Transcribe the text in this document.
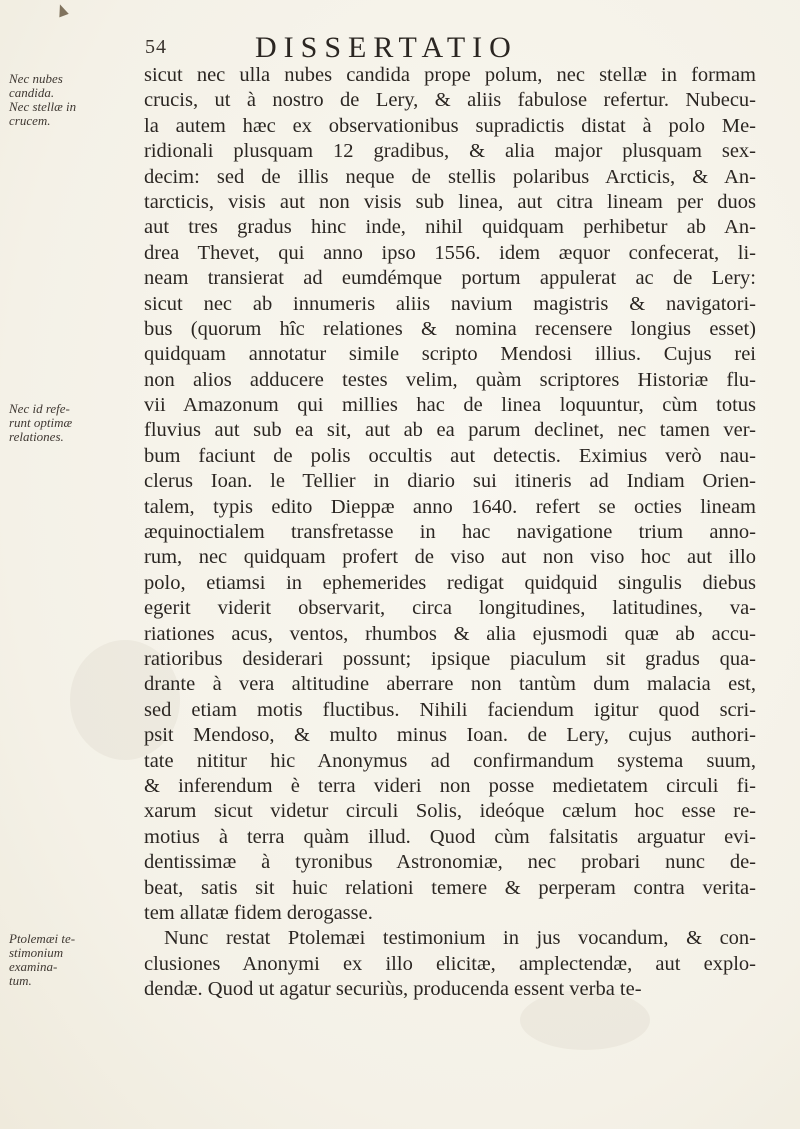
54	DISSERTATIO
Nec nubes
candida.
Nec stellæ in
crucem.
Nec id refe-
runt optimæ
relationes.
Ptolemæi te-
stimonium
examina-
tum.
sicut nec ulla nubes candida prope polum, nec stellæ in formam
crucis, ut à nostro de Lery, & aliis fabulose refertur. Nubecu-
la autem hæc ex observationibus supradictis distat à polo Me-
ridionali plusquam 12 gradibus, & alia major plusquam sex-
decim: sed de illis neque de stellis polaribus Arcticis, & An-
tarcticis, visis aut non visis sub linea, aut citra lineam per duos
aut tres gradus hinc inde, nihil quidquam perhibetur ab An-
drea Thevet, qui anno ipso 1556. idem æquor confecerat, li-
neam transierat ad eumdémque portum appulerat ac de Lery:
sicut nec ab innumeris aliis navium magistris & navigatori-
bus (quorum hîc relationes & nomina recensere longius esset)
quidquam annotatur simile scripto Mendosi illius. Cujus rei
non alios adducere testes velim, quàm scriptores Historiæ flu-
vii Amazonum qui millies hac de linea loquuntur, cùm totus
fluvius aut sub ea sit, aut ab ea parum declinet, nec tamen ver-
bum faciunt de polis occultis aut detectis. Eximius verò nau-
clerus Ioan. le Tellier in diario sui itineris ad Indiam Orien-
talem, typis edito Dieppæ anno 1640. refert se octies lineam
æquinoctialem transfretasse in hac navigatione trium anno-
rum, nec quidquam profert de viso aut non viso hoc aut illo
polo, etiamsi in ephemerides redigat quidquid singulis diebus
egerit viderit observarit, circa longitudines, latitudines, va-
riationes acus, ventos, rhumbos & alia ejusmodi quæ ab accu-
ratioribus desiderari possunt; ipsique piaculum sit gradus qua-
drante à vera altitudine aberrare non tantùm dum malacia est,
sed etiam motis fluctibus. Nihili faciendum igitur quod scri-
psit Mendoso, & multo minus Ioan. de Lery, cujus authori-
tate nititur hic Anonymus ad confirmandum systema suum,
& inferendum è terra videri non posse medietatem circuli fi-
xarum sicut videtur circuli Solis, ideóque cælum hoc esse re-
motius à terra quàm illud. Quod cùm falsitatis arguatur evi-
dentissimæ à tyronibus Astronomiæ, nec probari nunc de-
beat, satis sit huic relationi temere & perperam contra verita-
tem allatæ fidem derogasse.
Nunc restat Ptolemæi testimonium in jus vocandum, & con-
clusiones Anonymi ex illo elicitæ, amplectendæ, aut explo-
dendæ. Quod ut agatur securiùs, producenda essent verba te-
